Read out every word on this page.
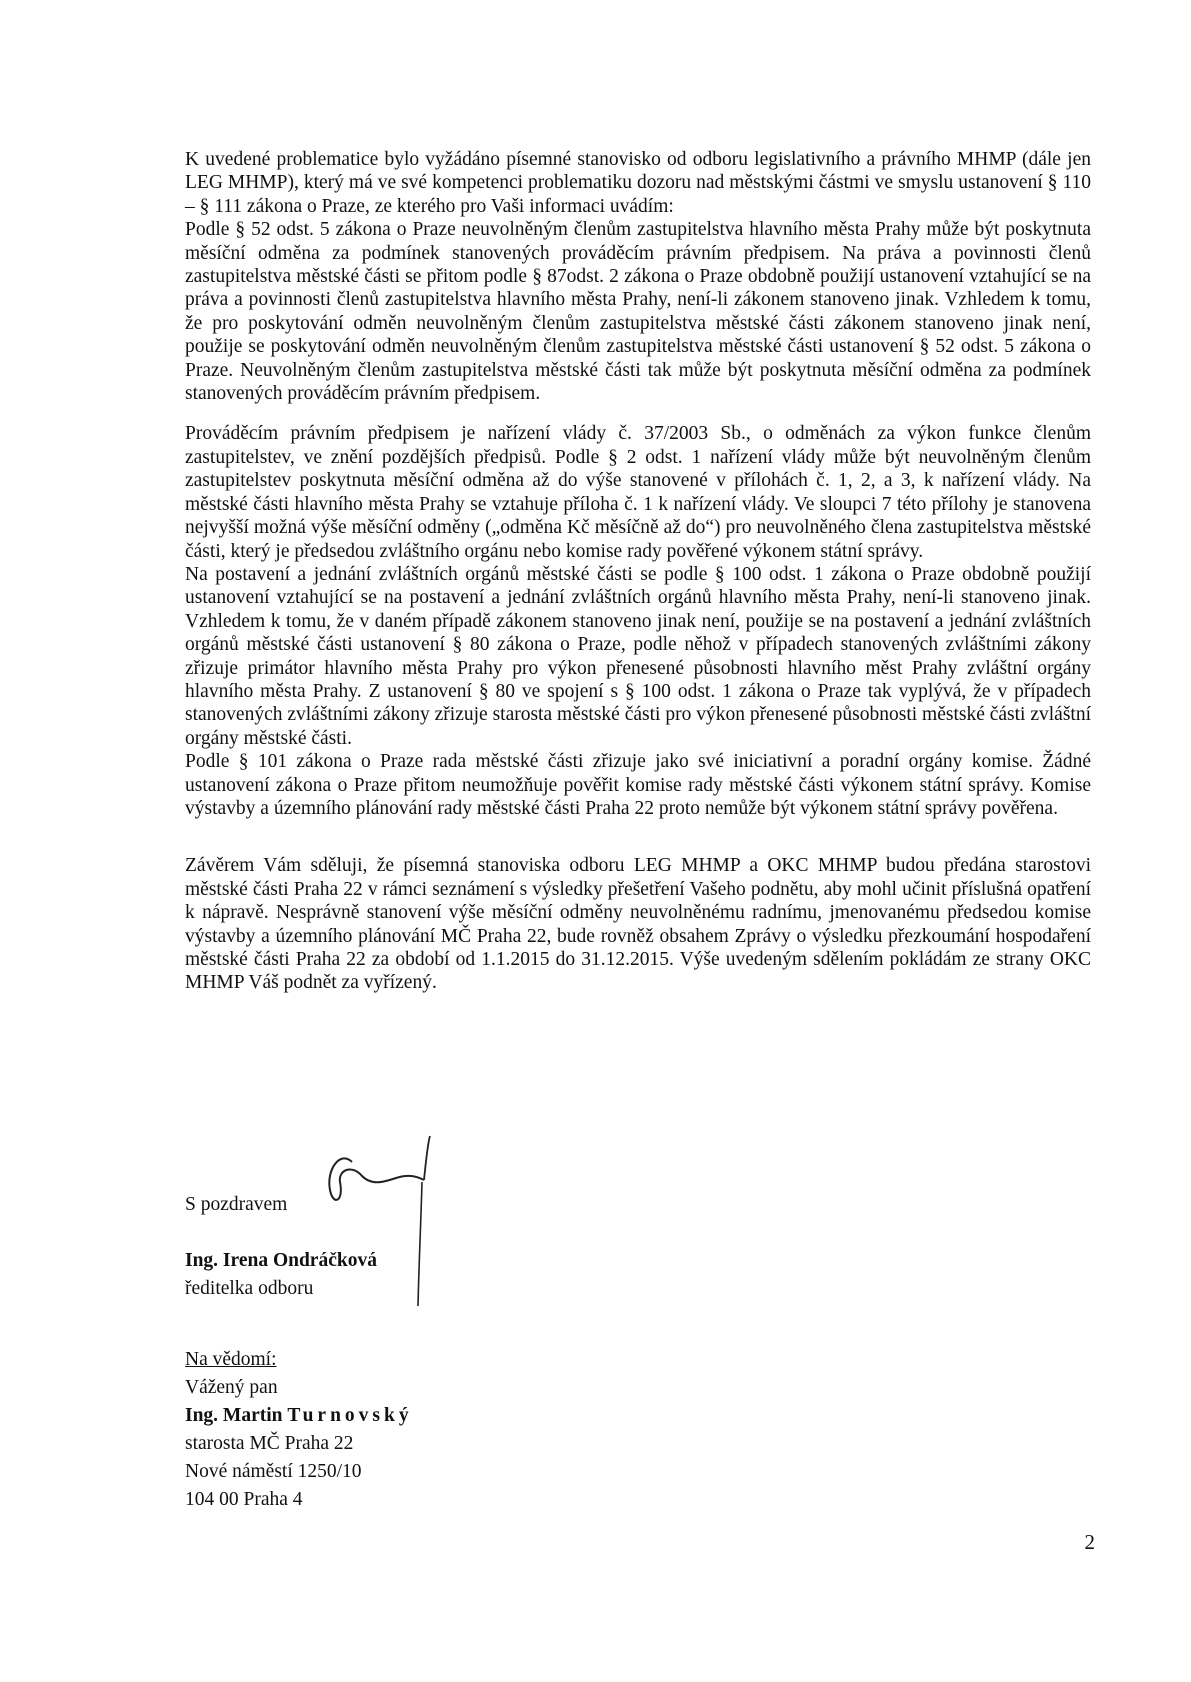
K uvedené problematice bylo vyžádáno písemné stanovisko od odboru legislativního a právního MHMP (dále jen LEG MHMP), který má ve své kompetenci problematiku dozoru nad městskými částmi ve smyslu ustanovení § 110 – § 111 zákona o Praze, ze kterého pro Vaši informaci uvádím:

Podle § 52 odst. 5 zákona o Praze neuvolněným členům zastupitelstva hlavního města Prahy může být poskytnuta měsíční odměna za podmínek stanovených prováděcím právním předpisem. Na práva a povinnosti členů zastupitelstva městské části se přitom podle § 87odst. 2 zákona o Praze obdobně použijí ustanovení vztahující se na práva a povinnosti členů zastupitelstva hlavního města Prahy, není-li zákonem stanoveno jinak. Vzhledem k tomu, že pro poskytování odměn neuvolněným členům zastupitelstva městské části zákonem stanoveno jinak není, použije se poskytování odměn neuvolněným členům zastupitelstva městské části ustanovení § 52 odst. 5 zákona o Praze. Neuvolněným členům zastupitelstva městské části tak může být poskytnuta měsíční odměna za podmínek stanovených prováděcím právním předpisem.

Prováděcím právním předpisem je nařízení vlády č. 37/2003 Sb., o odměnách za výkon funkce členům zastupitelstev, ve znění pozdějších předpisů. Podle § 2 odst. 1 nařízení vlády může být neuvolněným členům zastupitelstev poskytnuta měsíční odměna až do výše stanovené v přílohách č. 1, 2, a 3, k nařízení vlády. Na městské části hlavního města Prahy se vztahuje příloha č. 1 k nařízení vlády. Ve sloupci 7 této přílohy je stanovena nejvyšší možná výše měsíční odměny („odměna Kč měsíčně až do“) pro neuvolněného člena zastupitelstva městské části, který je předsedou zvláštního orgánu nebo komise rady pověřené výkonem státní správy.

Na postavení a jednání zvláštních orgánů městské části se podle § 100 odst. 1 zákona o Praze obdobně použijí ustanovení vztahující se na postavení a jednání zvláštních orgánů hlavního města Prahy, není-li stanoveno jinak. Vzhledem k tomu, že v daném případě zákonem stanoveno jinak není, použije se na postavení a jednání zvláštních orgánů městské části ustanovení § 80 zákona o Praze, podle něhož v případech stanovených zvláštními zákony zřizuje primátor hlavního města Prahy pro výkon přenesené působnosti hlavního měst Prahy zvláštní orgány hlavního města Prahy. Z ustanovení § 80 ve spojení s § 100 odst. 1 zákona o Praze tak vyplývá, že v případech stanovených zvláštními zákony zřizuje starosta městské části pro výkon přenesené působnosti městské části zvláštní orgány městské části.

Podle § 101 zákona o Praze rada městské části zřizuje jako své iniciativní a poradní orgány komise. Žádné ustanovení zákona o Praze přitom neumožňuje pověřit komise rady městské části výkonem státní správy. Komise výstavby a územního plánování rady městské části Praha 22 proto nemůže být výkonem státní správy pověřena.

Závěrem Vám sděluji, že písemná stanoviska odboru LEG MHMP a OKC MHMP budou předána starostovi městské části Praha 22 v rámci seznámení s výsledky přešetření Vašeho podnětu, aby mohl učinit příslušná opatření k nápravě. Nesprávně stanovení výše měsíční odměny neuvolněnému radnímu, jmenovanému předsedou komise výstavby a územního plánování MČ Praha 22, bude rovněž obsahem Zprávy o výsledku přezkoumání hospodaření městské části Praha 22 za období od 1.1.2015 do 31.12.2015. Výše uvedeným sdělením pokládám ze strany OKC MHMP Váš podnět za vyřízený.

S pozdravem
Ing. Irena Ondráčková
ředitelka odboru
Na vědomí:
Vážený pan
Ing. Martin Turnovský
starosta MČ Praha 22
Nové náměstí 1250/10
104 00 Praha 4
2
